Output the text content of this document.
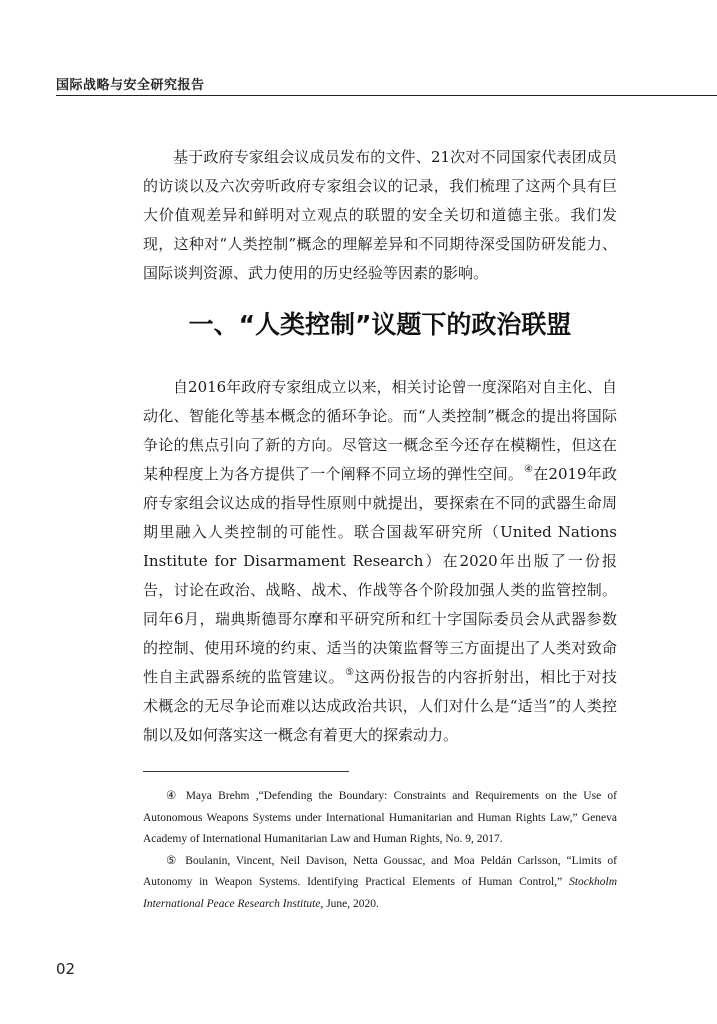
国际战略与安全研究报告

基于政府专家组会议成员发布的文件、21次对不同国家代表团成员的访谈以及六次旁听政府专家组会议的记录，我们梳理了这两个具有巨大价值观差异和鲜明对立观点的联盟的安全关切和道德主张。我们发现，这种对“人类控制”概念的理解差异和不同期待深受国防研发能力、国际谈判资源、武力使用的历史经验等因素的影响。

一、“人类控制”议题下的政治联盟

自2016年政府专家组成立以来，相关讨论曾一度深陷对自主化、自动化、智能化等基本概念的循环争论。而“人类控制”概念的提出将国际争论的焦点引向了新的方向。尽管这一概念至今还存在模糊性，但这在某种程度上为各方提供了一个阐释不同立场的弹性空间。④在2019年政府专家组会议达成的指导性原则中就提出，要探索在不同的武器生命周期里融入人类控制的可能性。联合国裁军研究所（United Nations Institute for Disarmament Research）在2020年出版了一份报告，讨论在政治、战略、战术、作战等各个阶段加强人类的监管控制。同年6月，瑞典斯德哥尔摩和平研究所和红十字国际委员会从武器参数的控制、使用环境的约束、适当的决策监督等三方面提出了人类对致命性自主武器系统的监管建议。⑤这两份报告的内容折射出，相比于对技术概念的无尽争论而难以达成政治共识，人们对什么是“适当”的人类控制以及如何落实这一概念有着更大的探索动力。

④ Maya Brehm ,“Defending the Boundary: Constraints and Requirements on the Use of Autonomous Weapons Systems under International Humanitarian and Human Rights Law,” Geneva Academy of International Humanitarian Law and Human Rights, No. 9, 2017.

⑤ Boulanin, Vincent, Neil Davison, Netta Goussac, and Moa Peldán Carlsson, “Limits of Autonomy in Weapon Systems. Identifying Practical Elements of Human Control,” Stockholm International Peace Research Institute, June, 2020.

02
